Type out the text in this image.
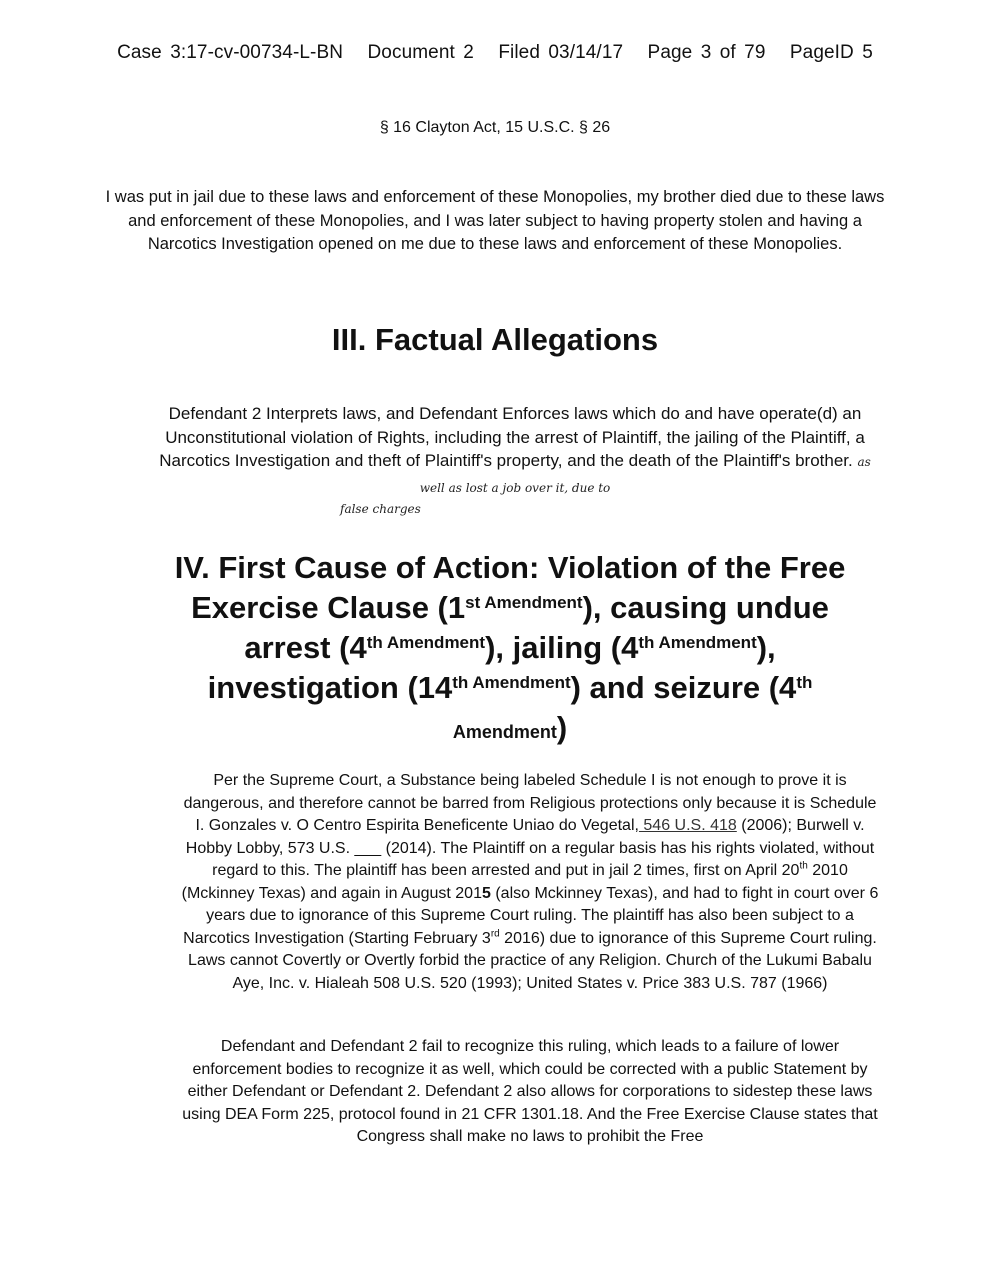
Case 3:17-cv-00734-L-BN Document 2 Filed 03/14/17 Page 3 of 79 PageID 5
§ 16 Clayton Act, 15 U.S.C. § 26
I was put in jail due to these laws and enforcement of these Monopolies, my brother died due to these laws and enforcement of these Monopolies, and I was later subject to having property stolen and having a Narcotics Investigation opened on me due to these laws and enforcement of these Monopolies.
III. Factual Allegations
Defendant 2 Interprets laws, and Defendant Enforces laws which do and have operate(d) an Unconstitutional violation of Rights, including the arrest of Plaintiff, the jailing of the Plaintiff, a Narcotics Investigation and theft of Plaintiff's property, and the death of the Plaintiff's brother. as well as lost a job over it, due to
false charges
IV. First Cause of Action: Violation of the Free Exercise Clause $(1^{st Amendment})$, causing undue arrest $(4^{th Amendment})$, jailing $(4^{th Amendment})$, investigation $(14^{th Amendment})$ and seizure (4th
Amendment)
Per the Supreme Court, a Substance being labeled Schedule I is not enough to prove it is dangerous, and therefore cannot be barred from Religious protections only because it is Schedule I. Gonzales v. O Centro Espirita Beneficente Uniao do Vegetal, 546 U.S. 418 (2006); Burwell v. Hobby Lobby, 573 U.S. ___ (2014). The Plaintiff on a regular basis has his rights violated, without regard to this. The plaintiff has been arrested and put in jail 2 times, first on April 20th 2010 (Mckinney Texas) and again in August 2015 (also Mckinney Texas), and had to fight in court over 6 years due to ignorance of this Supreme Court ruling. The plaintiff has also been subject to a Narcotics Investigation (Starting February 3rd 2016) due to ignorance of this Supreme Court ruling. Laws cannot Covertly or Overtly forbid the practice of any Religion. Church of the Lukumi Babalu Aye, Inc. v. Hialeah 508 U.S. 520 (1993); United States v. Price 383 U.S. 787 (1966)
Defendant and Defendant 2 fail to recognize this ruling, which leads to a failure of lower enforcement bodies to recognize it as well, which could be corrected with a public Statement by either Defendant or Defendant 2. Defendant 2 also allows for corporations to sidestep these laws using DEA Form 225, protocol found in 21 CFR 1301.18. And the Free Exercise Clause states that Congress shall make no laws to prohibit the Free
